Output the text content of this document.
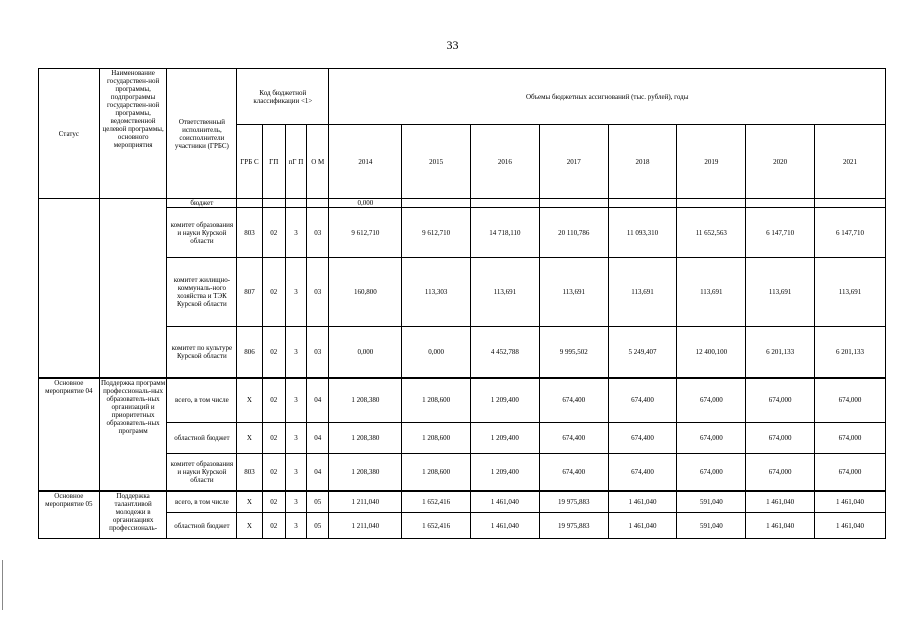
33
Статус	Наименование государствен-ной программы, подпрограммы государствен-ной программы, ведомственной целевой программы, основного мероприятия	Ответственный исполнитель, соисполнители участники (ГРБС)	Код бюджетной классификации <1>				Объемы бюджетных ассигнований (тыс. рублей), годы							
			ГРБ С	ГП	пГ П	О М	2014	2015	2016	2017	2018	2019	2020	2021
		бюджет					0,000							
		комитет образования и науки Курской области	803	02	3	03	9 612,710	9 612,710	14 718,110	20 110,786	11 093,310	11 652,563	6 147,710	6 147,710
		комитет жилищно-коммуналь-ного хозяйства и ТЭК Курской области	807	02	3	03	160,800	113,303	113,691	113,691	113,691	113,691	113,691	113,691
		комитет по культуре Курской области	806	02	3	03	0,000	0,000	4 452,788	9 995,502	5 249,407	12 400,100	6 201,133	6 201,133
Основное мероприятие 04	Поддержка программ профессиональ-ных образователь-ных организаций и приоритетных образователь-ных программ	всего, в том числе	Х	02	3	04	1 208,380	1 208,600	1 209,400	674,400	674,400	674,000	674,000	674,000
		областной бюджет	Х	02	3	04	1 208,380	1 208,600	1 209,400	674,400	674,400	674,000	674,000	674,000
		комитет образования и науки Курской области	803	02	3	04	1 208,380	1 208,600	1 209,400	674,400	674,400	674,000	674,000	674,000
Основное мероприятие 05	Поддержка талантливой молодежи в организациях профессиональ-	всего, в том числе	Х	02	3	05	1 211,040	1 652,416	1 461,040	19 975,883	1 461,040	591,040	1 461,040	1 461,040
		областной бюджет	Х	02	3	05	1 211,040	1 652,416	1 461,040	19 975,883	1 461,040	591,040	1 461,040	1 461,040
